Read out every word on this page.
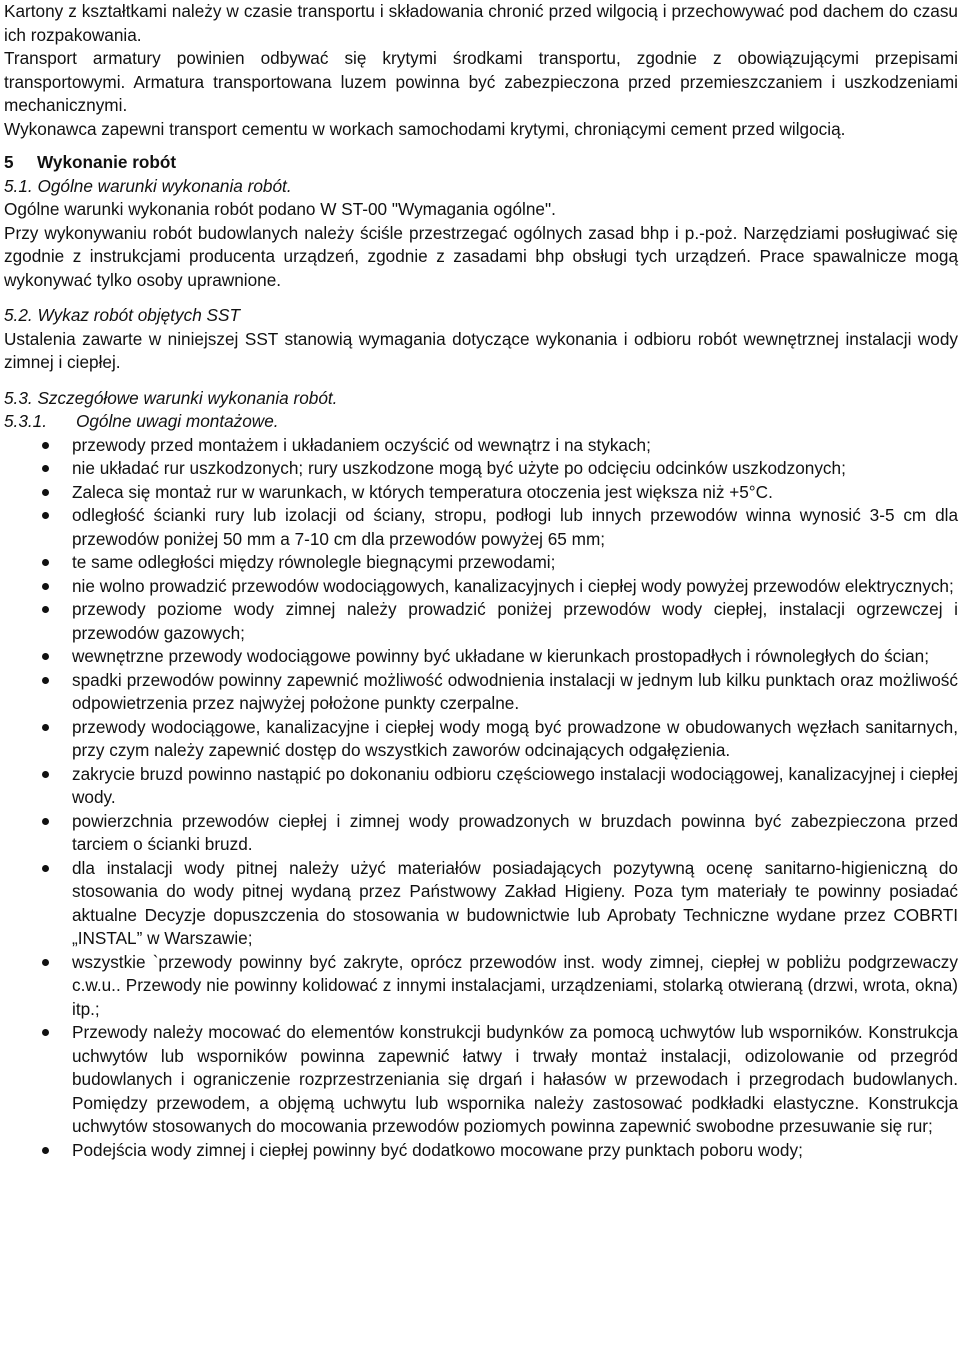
Kartony z kształtkami należy w czasie transportu i składowania chronić przed wilgocią i przechowywać pod dachem do czasu ich rozpakowania.

Transport armatury powinien odbywać się krytymi środkami transportu, zgodnie z obowiązującymi przepisami transportowymi. Armatura transportowana luzem powinna być zabezpieczona przed przemieszczaniem i uszkodzeniami mechanicznymi.

Wykonawca zapewni transport cementu w workach samochodami krytymi, chroniącymi cement przed wilgocią.

5 Wykonanie robót

5.1. Ogólne warunki wykonania robót.

Ogólne warunki wykonania robót podano W ST-00 "Wymagania ogólne".

Przy wykonywaniu robót budowlanych należy ściśle przestrzegać ogólnych zasad bhp i p.-poż. Narzędziami posługiwać się zgodnie z instrukcjami producenta urządzeń, zgodnie z zasadami bhp obsługi tych urządzeń. Prace spawalnicze mogą wykonywać tylko osoby uprawnione.

5.2. Wykaz robót objętych SST

Ustalenia zawarte w niniejszej SST stanowią wymagania dotyczące wykonania i odbioru robót wewnętrznej instalacji wody zimnej i ciepłej.

5.3. Szczegółowe warunki wykonania robót.

5.3.1. Ogólne uwagi montażowe.

przewody przed montażem i układaniem oczyścić od wewnątrz i na stykach;
nie układać rur uszkodzonych; rury uszkodzone mogą być użyte po odcięciu odcinków uszkodzonych;
Zaleca się montaż rur w warunkach, w których temperatura otoczenia jest większa niż +5°C.
odległość ścianki rury lub izolacji od ściany, stropu, podłogi lub innych przewodów winna wynosić 3-5 cm dla przewodów poniżej 50 mm a 7-10 cm dla przewodów powyżej 65 mm;
te same odległości między równolegle biegnącymi przewodami;
nie wolno prowadzić przewodów wodociągowych, kanalizacyjnych i ciepłej wody powyżej przewodów elektrycznych;
przewody poziome wody zimnej należy prowadzić poniżej przewodów wody ciepłej, instalacji ogrzewczej i przewodów gazowych;
wewnętrzne przewody wodociągowe powinny być układane w kierunkach prostopadłych i równoległych do ścian;
spadki przewodów powinny zapewnić możliwość odwodnienia instalacji w jednym lub kilku punktach oraz możliwość odpowietrzenia przez najwyżej położone punkty czerpalne.
przewody wodociągowe, kanalizacyjne i ciepłej wody mogą być prowadzone w obudowanych węzłach sanitarnych, przy czym należy zapewnić dostęp do wszystkich zaworów odcinających odgałęzienia.
zakrycie bruzd powinno nastąpić po dokonaniu odbioru częściowego instalacji wodociągowej, kanalizacyjnej i ciepłej wody.
powierzchnia przewodów ciepłej i zimnej wody prowadzonych w bruzdach powinna być zabezpieczona przed tarciem o ścianki bruzd.
dla instalacji wody pitnej należy użyć materiałów posiadających pozytywną ocenę sanitarno-higieniczną do stosowania do wody pitnej wydaną przez Państwowy Zakład Higieny. Poza tym materiały te powinny posiadać aktualne Decyzje dopuszczenia do stosowania w budownictwie lub Aprobaty Techniczne wydane przez COBRTI „INSTAL” w Warszawie;
wszystkie `przewody powinny być zakryte, oprócz przewodów inst. wody zimnej, ciepłej w pobliżu podgrzewaczy c.w.u.. Przewody nie powinny kolidować z innymi instalacjami, urządzeniami, stolarką otwieraną (drzwi, wrota, okna) itp.;
Przewody należy mocować do elementów konstrukcji budynków za pomocą uchwytów lub wsporników. Konstrukcja uchwytów lub wsporników powinna zapewnić łatwy i trwały montaż instalacji, odizolowanie od przegród budowlanych i ograniczenie rozprzestrzeniania się drgań i hałasów w przewodach i przegrodach budowlanych. Pomiędzy przewodem, a objęmą uchwytu lub wspornika należy zastosować podkładki elastyczne. Konstrukcja uchwytów stosowanych do mocowania przewodów poziomych powinna zapewnić swobodne przesuwanie się rur;
Podejścia wody zimnej i ciepłej powinny być dodatkowo mocowane przy punktach poboru wody;
